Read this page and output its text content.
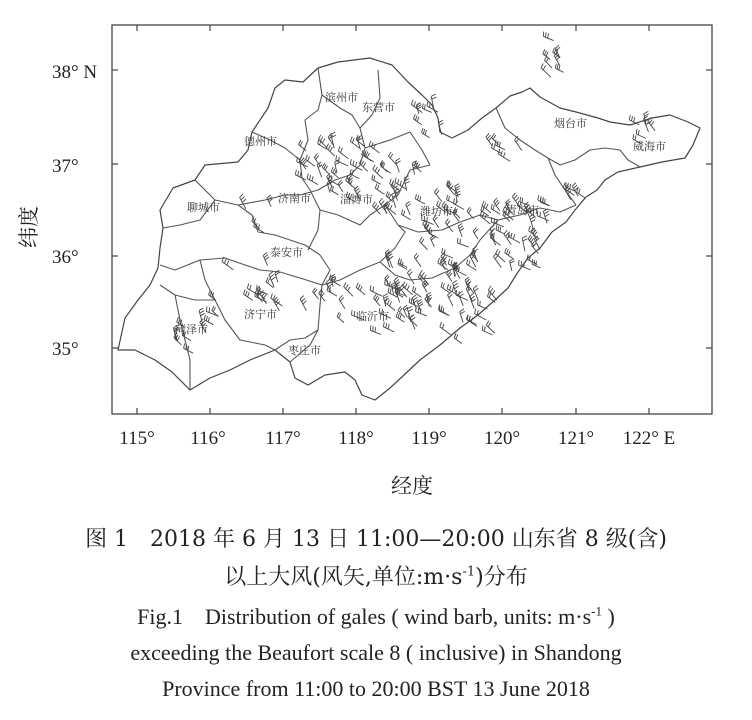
115° 116° 117° 118° 119° 120° 121° 122° E
38° N
37°
36°
35°
经度
纬度
滨州市
东营市
烟台市
威海市
德州市
济南市	淄博市
聊城市	潍坊市	青岛市
泰安市
临沂市
济宁市
菏泽市
枣庄市
图 1　2018 年 6 月 13 日 11:00—20:00 山东省 8 级(含)
以上大风(风矢,单位$:m\cdot s^{-1}$)分布
Fig.1　Distribution of gales ( wind barb, units: $m\cdot s^{-1}$ )
exceeding the Beaufort scale 8 ( inclusive) in Shandong
Province from 11:00 to 20:00 BST 13 June 2018
